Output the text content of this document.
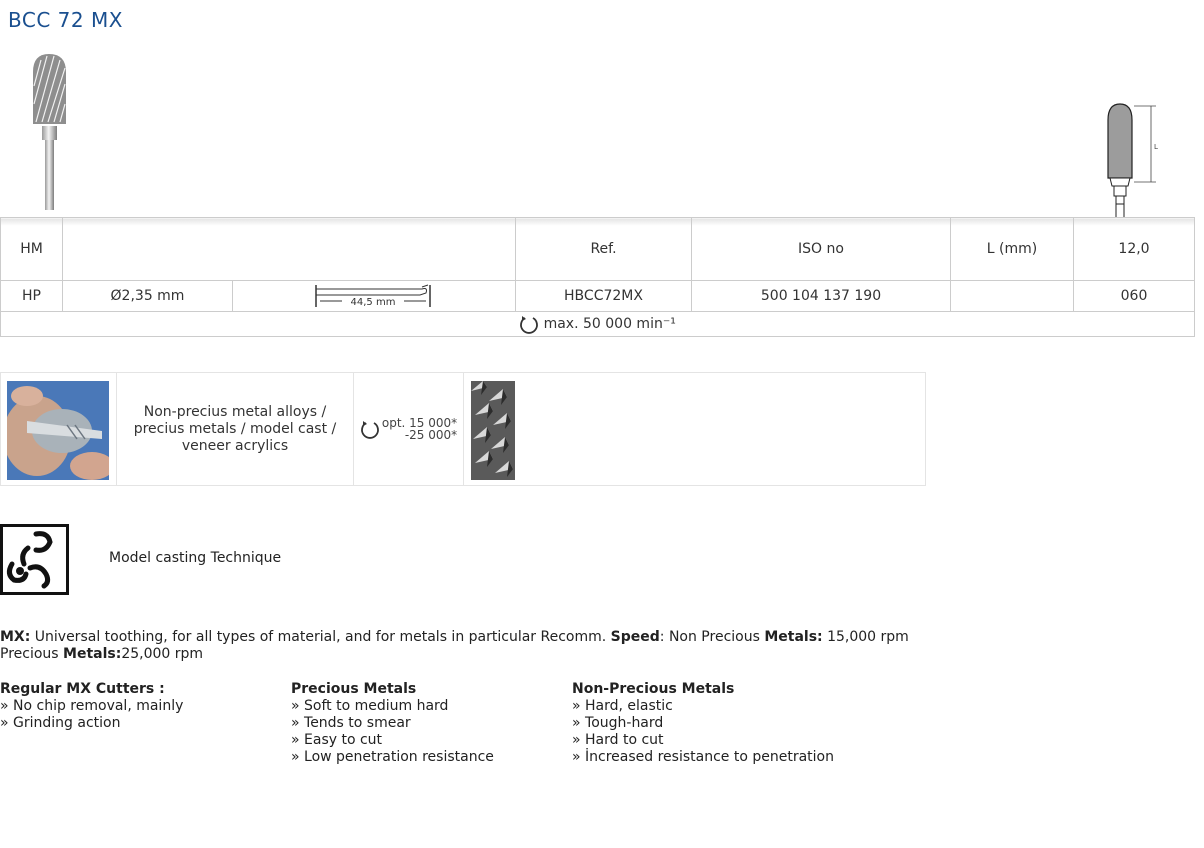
BCC 72 MX
L
HM			Ref.	ISO no	L (mm)	12,0
HP	Ø2,35 mm	44,5 mm	HBCC72MX	500 104 137 190		060
max. 50 000 min⁻¹						
Non-precius metal alloys / precius metals / model cast / veneer acrylics
opt. 15 000*
-25 000*
Model casting Technique
MX: Universal toothing, for all types of material, and for metals in particular Recomm. Speed: Non Precious Metals: 15,000 rpm Precious Metals:25,000 rpm
Regular MX Cutters :
» No chip removal, mainly
» Grinding action
Precious Metals
» Soft to medium hard
» Tends to smear
» Easy to cut
» Low penetration resistance
Non-Precious Metals
» Hard, elastic
» Tough-hard
» Hard to cut
» İncreased resistance to penetration
